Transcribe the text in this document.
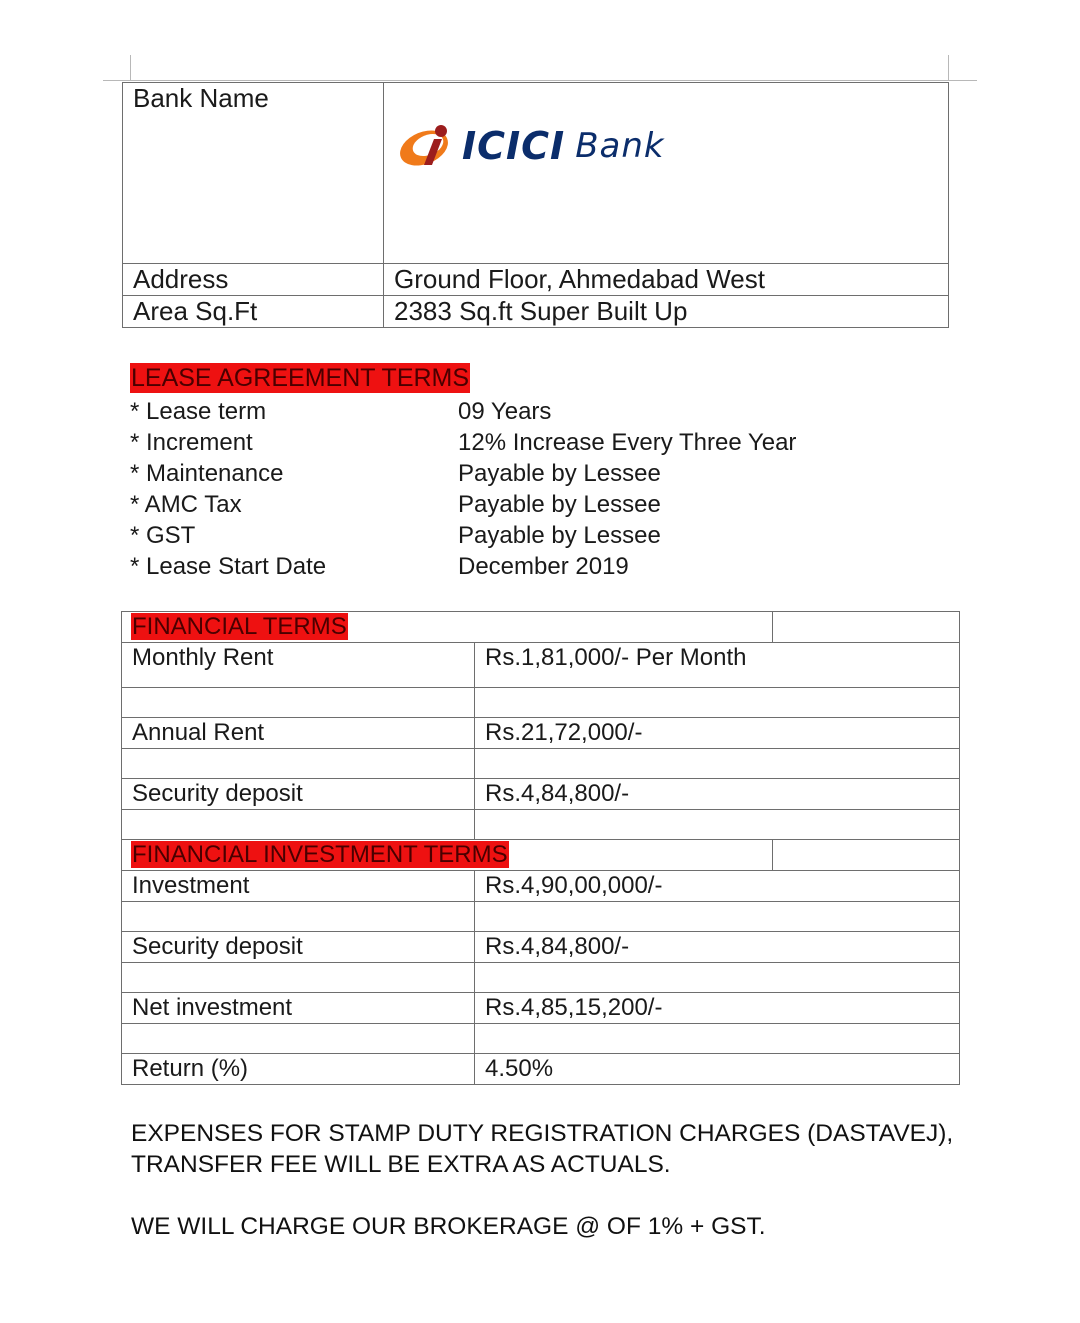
Bank Name	ICICI Bank

Address	Ground Floor, Ahmedabad West
Area Sq.Ft	2383 Sq.ft Super Built Up
LEASE AGREEMENT TERMS
* Lease term	09 Years
* Increment	12% Increase Every Three Year
* Maintenance	Payable by Lessee
* AMC Tax	Payable by Lessee
* GST	Payable by Lessee
* Lease Start Date	December 2019
FINANCIAL TERMS		
Monthly Rent	Rs.1,81,000/- Per Month	

Annual Rent	Rs.21,72,000/-	

Security deposit	Rs.4,84,800/-	

FINANCIAL INVESTMENT TERMS		
Investment	Rs.4,90,00,000/-	

Security deposit	Rs.4,84,800/-	

Net investment	Rs.4,85,15,200/-	

Return (%)	4.50%	

EXPENSES FOR STAMP DUTY REGISTRATION CHARGES (DASTAVEJ),
TRANSFER FEE WILL BE EXTRA AS ACTUALS.

WE WILL CHARGE OUR BROKERAGE @ OF 1% + GST.
